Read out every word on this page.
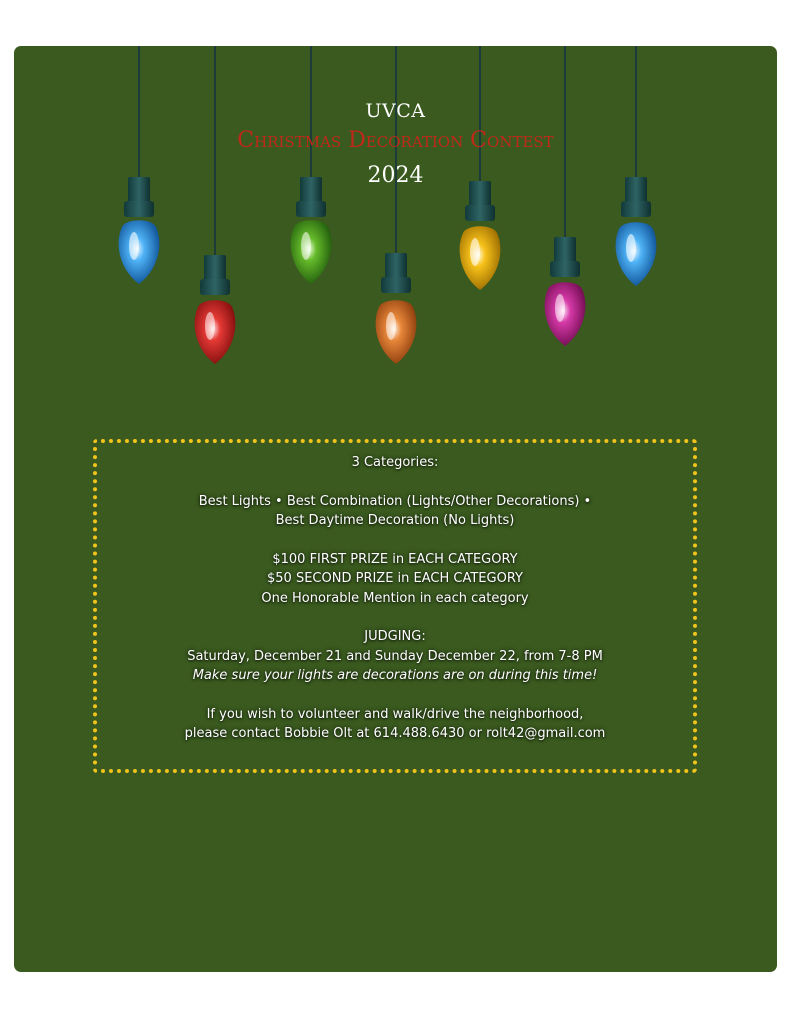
UVCA
Christmas Decoration Contest
2024

3 Categories:

Best Lights • Best Combination (Lights/Other Decorations) •

Best Daytime Decoration (No Lights)

$100 FIRST PRIZE in EACH CATEGORY

$50 SECOND PRIZE in EACH CATEGORY

One Honorable Mention in each category

JUDGING:

Saturday, December 21 and Sunday December 22, from 7-8 PM

Make sure your lights are decorations are on during this time!

If you wish to volunteer and walk/drive the neighborhood,

please contact Bobbie Olt at 614.488.6430 or rolt42@gmail.com
